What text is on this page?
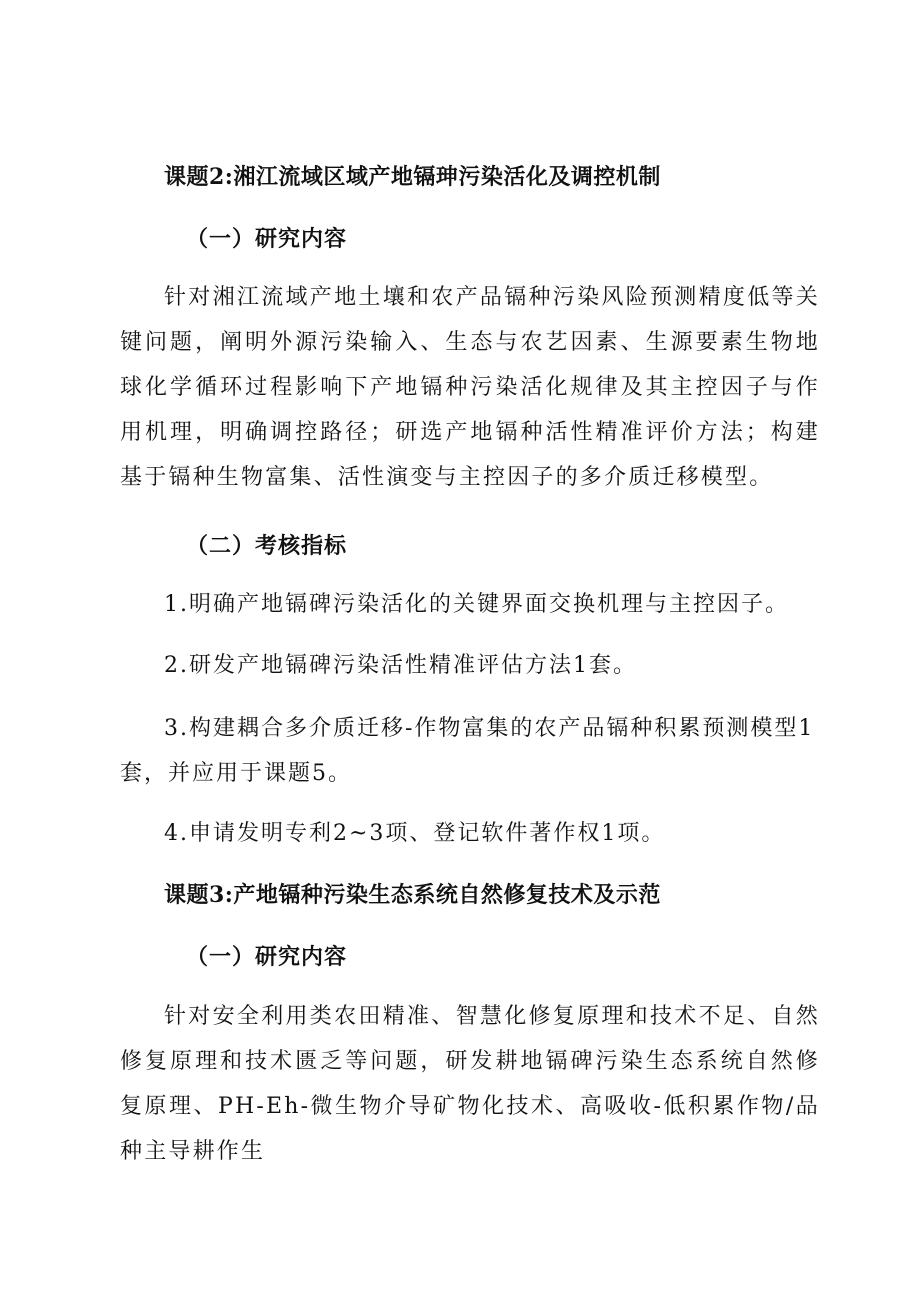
课题2:湘江流域区域产地镉珅污染活化及调控机制
（一）研究内容
针对湘江流域产地土壤和农产品镉种污染风险预测精度低等关键问题，阐明外源污染输入、生态与农艺因素、生源要素生物地球化学循环过程影响下产地镉种污染活化规律及其主控因子与作用机理，明确调控路径；研选产地镉种活性精准评价方法；构建基于镉种生物富集、活性演变与主控因子的多介质迁移模型。
（二）考核指标
1.明确产地镉碑污染活化的关键界面交换机理与主控因子。
2.研发产地镉碑污染活性精准评估方法1套。
3.构建耦合多介质迁移-作物富集的农产品镉种积累预测模型1套，并应用于课题5。
4.申请发明专利2~3项、登记软件著作权1项。
课题3:产地镉种污染生态系统自然修复技术及示范
（一）研究内容
针对安全利用类农田精准、智慧化修复原理和技术不足、自然修复原理和技术匮乏等问题，研发耕地镉碑污染生态系统自然修复原理、PH-Eh-微生物介导矿物化技术、高吸收-低积累作物/品种主导耕作生
